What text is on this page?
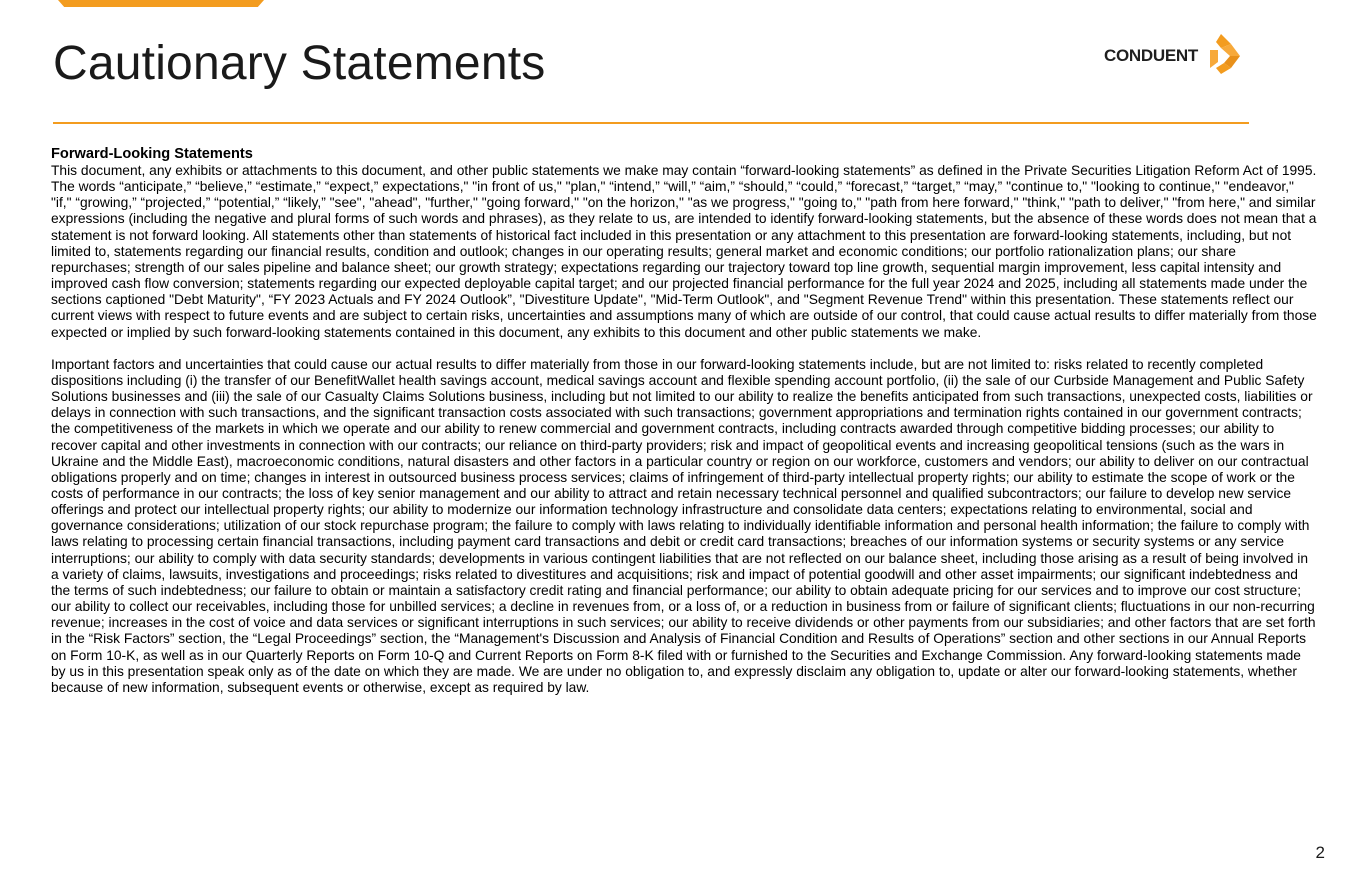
Cautionary Statements	CONDUENT

Forward-Looking Statements

This document, any exhibits or attachments to this document, and other public statements we make may contain “forward-looking statements” as defined in the Private Securities Litigation Reform Act of 1995. The words “anticipate,” “believe,” “estimate,” “expect,” expectations," "in front of us," "plan," “intend,” “will,” “aim,” “should,” “could,” “forecast,” “target,” “may,” "continue to," "looking to continue," "endeavor," "if," “growing,” “projected,” “potential,” “likely,” "see", "ahead", "further," "going forward," "on the horizon," "as we progress," "going to," "path from here forward," "think," "path to deliver," "from here," and similar expressions (including the negative and plural forms of such words and phrases), as they relate to us, are intended to identify forward-looking statements, but the absence of these words does not mean that a statement is not forward looking. All statements other than statements of historical fact included in this presentation or any attachment to this presentation are forward-looking statements, including, but not limited to, statements regarding our financial results, condition and outlook; changes in our operating results; general market and economic conditions; our portfolio rationalization plans; our share repurchases; strength of our sales pipeline and balance sheet; our growth strategy; expectations regarding our trajectory toward top line growth, sequential margin improvement, less capital intensity and improved cash flow conversion; statements regarding our expected deployable capital target; and our projected financial performance for the full year 2024 and 2025, including all statements made under the sections captioned "Debt Maturity", “FY 2023 Actuals and FY 2024 Outlook”, "Divestiture Update", "Mid-Term Outlook", and "Segment Revenue Trend" within this presentation. These statements reflect our current views with respect to future events and are subject to certain risks, uncertainties and assumptions many of which are outside of our control, that could cause actual results to differ materially from those expected or implied by such forward-looking statements contained in this document, any exhibits to this document and other public statements we make.

Important factors and uncertainties that could cause our actual results to differ materially from those in our forward-looking statements include, but are not limited to: risks related to recently completed dispositions including (i) the transfer of our BenefitWallet health savings account, medical savings account and flexible spending account portfolio, (ii) the sale of our Curbside Management and Public Safety Solutions businesses and (iii) the sale of our Casualty Claims Solutions business, including but not limited to our ability to realize the benefits anticipated from such transactions, unexpected costs, liabilities or delays in connection with such transactions, and the significant transaction costs associated with such transactions; government appropriations and termination rights contained in our government contracts; the competitiveness of the markets in which we operate and our ability to renew commercial and government contracts, including contracts awarded through competitive bidding processes; our ability to recover capital and other investments in connection with our contracts; our reliance on third-party providers; risk and impact of geopolitical events and increasing geopolitical tensions (such as the wars in Ukraine and the Middle East), macroeconomic conditions, natural disasters and other factors in a particular country or region on our workforce, customers and vendors; our ability to deliver on our contractual obligations properly and on time; changes in interest in outsourced business process services; claims of infringement of third-party intellectual property rights; our ability to estimate the scope of work or the costs of performance in our contracts; the loss of key senior management and our ability to attract and retain necessary technical personnel and qualified subcontractors; our failure to develop new service offerings and protect our intellectual property rights; our ability to modernize our information technology infrastructure and consolidate data centers; expectations relating to environmental, social and governance considerations; utilization of our stock repurchase program; the failure to comply with laws relating to individually identifiable information and personal health information; the failure to comply with laws relating to processing certain financial transactions, including payment card transactions and debit or credit card transactions; breaches of our information systems or security systems or any service interruptions; our ability to comply with data security standards; developments in various contingent liabilities that are not reflected on our balance sheet, including those arising as a result of being involved in a variety of claims, lawsuits, investigations and proceedings; risks related to divestitures and acquisitions; risk and impact of potential goodwill and other asset impairments; our significant indebtedness and the terms of such indebtedness; our failure to obtain or maintain a satisfactory credit rating and financial performance; our ability to obtain adequate pricing for our services and to improve our cost structure; our ability to collect our receivables, including those for unbilled services; a decline in revenues from, or a loss of, or a reduction in business from or failure of significant clients; fluctuations in our non-recurring revenue; increases in the cost of voice and data services or significant interruptions in such services; our ability to receive dividends or other payments from our subsidiaries; and other factors that are set forth in the “Risk Factors” section, the “Legal Proceedings” section, the “Management's Discussion and Analysis of Financial Condition and Results of Operations” section and other sections in our Annual Reports on Form 10-K, as well as in our Quarterly Reports on Form 10-Q and Current Reports on Form 8-K filed with or furnished to the Securities and Exchange Commission. Any forward-looking statements made by us in this presentation speak only as of the date on which they are made. We are under no obligation to, and expressly disclaim any obligation to, update or alter our forward-looking statements, whether because of new information, subsequent events or otherwise, except as required by law.

2
